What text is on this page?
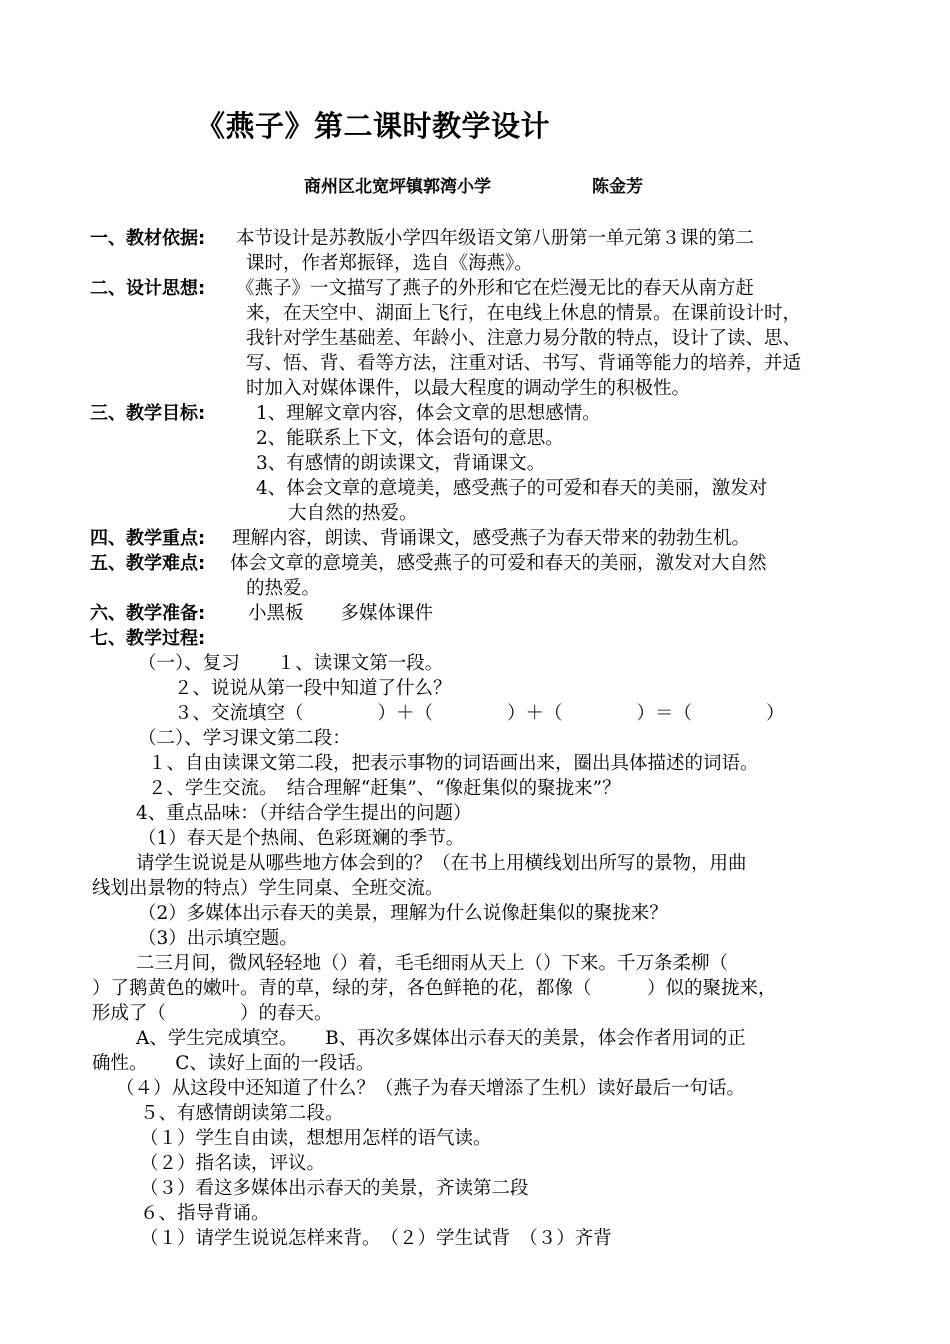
《燕子》第二课时教学设计
商州区北宽坪镇郭湾小学	陈金芳
一、教材依据: 本节设计是苏教版小学四年级语文第八册第一单元第３课的第二
课时，作者郑振铎，选自《海燕》。
二、设计思想: 《燕子》一文描写了燕子的外形和它在烂漫无比的春天从南方赶
来，在天空中、湖面上飞行，在电线上休息的情景。在课前设计时，
我针对学生基础差、年龄小、注意力易分散的特点，设计了读、思、
写、悟、背、看等方法，注重对话、书写、背诵等能力的培养，并适
时加入对媒体课件，以最大程度的调动学生的积极性。
三、教学目标:	1、理解文章内容，体会文章的思想感情。
2、能联系上下文，体会语句的意思。
3、有感情的朗读课文，背诵课文。
4、体会文章的意境美，感受燕子的可爱和春天的美丽，激发对
大自然的热爱。
四、教学重点: 理解内容，朗读、背诵课文，感受燕子为春天带来的勃勃生机。
五、教学难点: 体会文章的意境美，感受燕子的可爱和春天的美丽，激发对大自然
的热爱。
六、教学准备: 小黑板　　多媒体课件
七、教学过程:
（一）、复习　　１、读课文第一段。
２、说说从第一段中知道了什么？
３、交流填空（　　　　）＋（　　　　）＋（　　　　）＝（　　　　）
（二）、学习课文第二段：
１、自由读课文第二段，把表示事物的词语画出来，圈出具体描述的词语。
２、学生交流。　结合理解“赶集”、“像赶集似的聚拢来”？
4、重点品味：（并结合学生提出的问题）
（1）春天是个热闹、色彩斑斓的季节。
请学生说说是从哪些地方体会到的？（在书上用横线划出所写的景物，用曲
线划出景物的特点）学生同桌、全班交流。
（2）多媒体出示春天的美景，理解为什么说像赶集似的聚拢来？
（3）出示填空题。
二三月间，微风轻轻地（）着，毛毛细雨从天上（）下来。千万条柔柳（
）了鹅黄色的嫩叶。青的草，绿的芽，各色鲜艳的花，都像（　　　）似的聚拢来，
形成了（　　　　）的春天。
A、学生完成填空。　　B、再次多媒体出示春天的美景，体会作者用词的正
确性。　　C、读好上面的一段话。
（４）从这段中还知道了什么？（燕子为春天增添了生机）读好最后一句话。
５、有感情朗读第二段。
（１）学生自由读，想想用怎样的语气读。
（２）指名读，评议。
（３）看这多媒体出示春天的美景，齐读第二段
６、指导背诵。
（１）请学生说说怎样来背。　（２）学生试背　（３）齐背
